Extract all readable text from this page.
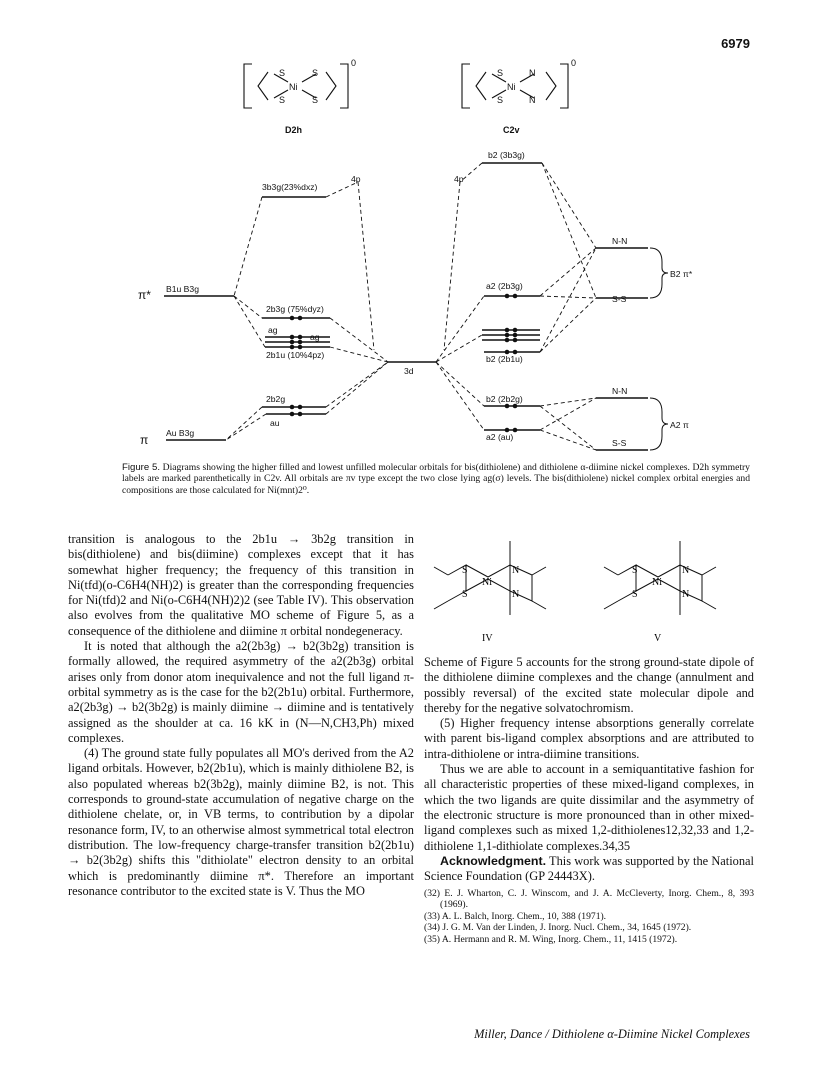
6979
S	S
S	S
Ni
S	N
S	N
Ni
0	0
D2h	C2v
3b3g(23%dxz)
4p	4p
π* B1u B3g
2b3g (75%dyz)
ag
ag
2b1u (10%4pz)
3d
2b2g
au
π Au B3g
b2 (3b3g)
a2 (2b3g)
b2 (2b1u)
b2 (2b2g)
a2 (au)
N-N
S-S
B2 π*
N-N
S-S
A2 π
Figure 5. Diagrams showing the higher filled and lowest unfilled molecular orbitals for bis(dithiolene) and dithiolene α-diimine nickel complexes. D2h symmetry labels are marked parenthetically in C2v. All orbitals are πv type except the two close lying ag(σ) levels. The bis(dithiolene) nickel complex orbital energies and compositions are those calculated for Ni(mnt)2⁰.

transition is analogous to the 2b1u → 3b2g transition in bis(dithiolene) and bis(diimine) complexes except that it has somewhat higher frequency; the frequency of this transition in Ni(tfd)(o-C6H4(NH)2) is greater than the corresponding frequencies for Ni(tfd)2 and Ni(o-C6H4(NH)2)2 (see Table IV). This observation also evolves from the qualitative MO scheme of Figure 5, as a consequence of the dithiolene and diimine π orbital nondegeneracy.

It is noted that although the a2(2b3g) → b2(3b2g) transition is formally allowed, the required asymmetry of the a2(2b3g) orbital arises only from donor atom inequivalence and not the full ligand π-orbital symmetry as is the case for the b2(2b1u) orbital. Furthermore, a2(2b3g) → b2(3b2g) is mainly diimine → diimine and is tentatively assigned as the shoulder at ca. 16 kK in (N—N,CH3,Ph) mixed complexes.

(4) The ground state fully populates all MO's derived from the A2 ligand orbitals. However, b2(2b1u), which is mainly dithiolene B2, is also populated whereas b2(3b2g), mainly diimine B2, is not. This corresponds to ground-state accumulation of negative charge on the dithiolene chelate, or, in VB terms, to contribution by a dipolar resonance form, IV, to an otherwise almost symmetrical total electron distribution. The low-frequency charge-transfer transition b2(2b1u) → b2(3b2g) shifts this "dithiolate" electron density to an orbital which is predominantly diimine π*. Therefore an important resonance contributor to the excited state is V. Thus the MO

S
S
N
N
Ni
S
S
N
N
Ni
IV	V

Scheme of Figure 5 accounts for the strong ground-state dipole of the dithiolene diimine complexes and the change (annulment and possibly reversal) of the excited state molecular dipole and thereby for the negative solvatochromism.

(5) Higher frequency intense absorptions generally correlate with parent bis-ligand complex absorptions and are attributed to intra-dithiolene or intra-diimine transitions.

Thus we are able to account in a semiquantitative fashion for all characteristic properties of these mixed-ligand complexes, in which the two ligands are quite dissimilar and the asymmetry of the electronic structure is more pronounced than in other mixed-ligand complexes such as mixed 1,2-dithiolenes12,32,33 and 1,2-dithiolene 1,1-dithiolate complexes.34,35

Acknowledgment. This work was supported by the National Science Foundation (GP 24443X).

(32) E. J. Wharton, C. J. Winscom, and J. A. McCleverty, Inorg. Chem., 8, 393 (1969).
(33) A. L. Balch, Inorg. Chem., 10, 388 (1971).
(34) J. G. M. Van der Linden, J. Inorg. Nucl. Chem., 34, 1645 (1972).
(35) A. Hermann and R. M. Wing, Inorg. Chem., 11, 1415 (1972).
Miller, Dance / Dithiolene α-Diimine Nickel Complexes
